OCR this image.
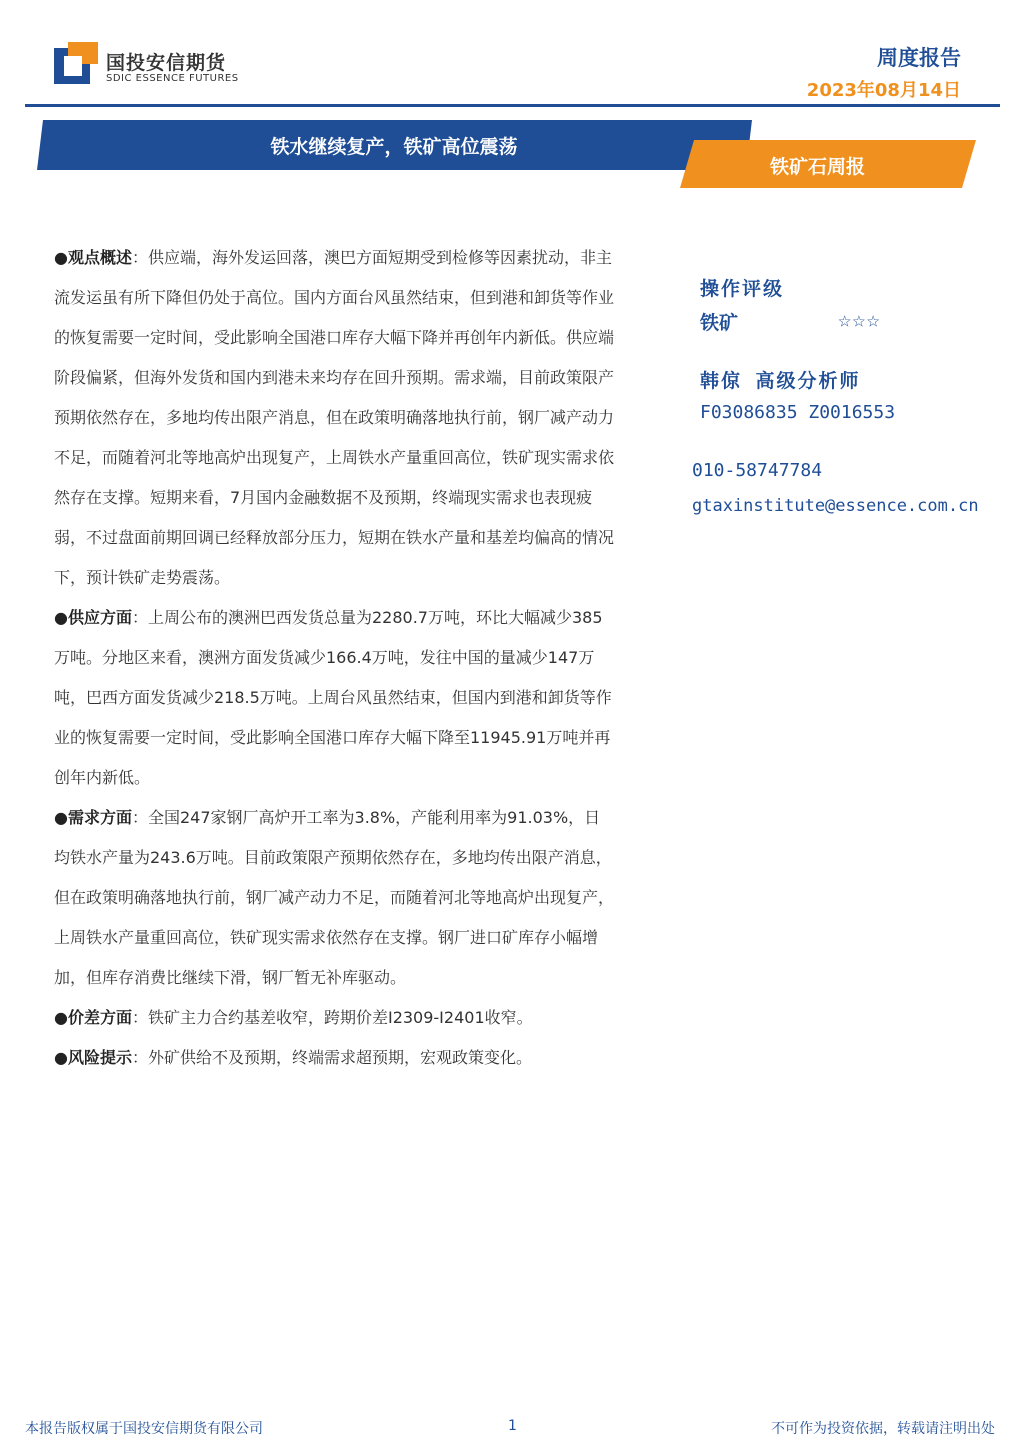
国投安信期货
SDIC ESSENCE FUTURES
周度报告
2023年08月14日
铁水继续复产，铁矿高位震荡
铁矿石周报

●观点概述：供应端，海外发运回落，澳巴方面短期受到检修等因素扰动，非主流发运虽有所下降但仍处于高位。国内方面台风虽然结束，但到港和卸货等作业的恢复需要一定时间，受此影响全国港口库存大幅下降并再创年内新低。供应端阶段偏紧，但海外发货和国内到港未来均存在回升预期。需求端，目前政策限产预期依然存在，多地均传出限产消息，但在政策明确落地执行前，钢厂减产动力不足，而随着河北等地高炉出现复产，上周铁水产量重回高位，铁矿现实需求依然存在支撑。短期来看，7月国内金融数据不及预期，终端现实需求也表现疲弱，不过盘面前期回调已经释放部分压力，短期在铁水产量和基差均偏高的情况下，预计铁矿走势震荡。

●供应方面：上周公布的澳洲巴西发货总量为2280.7万吨，环比大幅减少385万吨。分地区来看，澳洲方面发货减少166.4万吨，发往中国的量减少147万吨，巴西方面发货减少218.5万吨。上周台风虽然结束，但国内到港和卸货等作业的恢复需要一定时间，受此影响全国港口库存大幅下降至11945.91万吨并再创年内新低。

●需求方面：全国247家钢厂高炉开工率为3.8%，产能利用率为91.03%，日均铁水产量为243.6万吨。目前政策限产预期依然存在，多地均传出限产消息，但在政策明确落地执行前，钢厂减产动力不足，而随着河北等地高炉出现复产，上周铁水产量重回高位，铁矿现实需求依然存在支撑。钢厂进口矿库存小幅增加，但库存消费比继续下滑，钢厂暂无补库驱动。

●价差方面：铁矿主力合约基差收窄，跨期价差I2309-I2401收窄。

●风险提示：外矿供给不及预期，终端需求超预期，宏观政策变化。

操作评级
铁矿	☆☆☆
韩倞 高级分析师
F03086835 Z0016553
010-58747784
gtaxinstitute@essence.com.cn
本报告版权属于国投安信期货有限公司	1	不可作为投资依据，转载请注明出处
